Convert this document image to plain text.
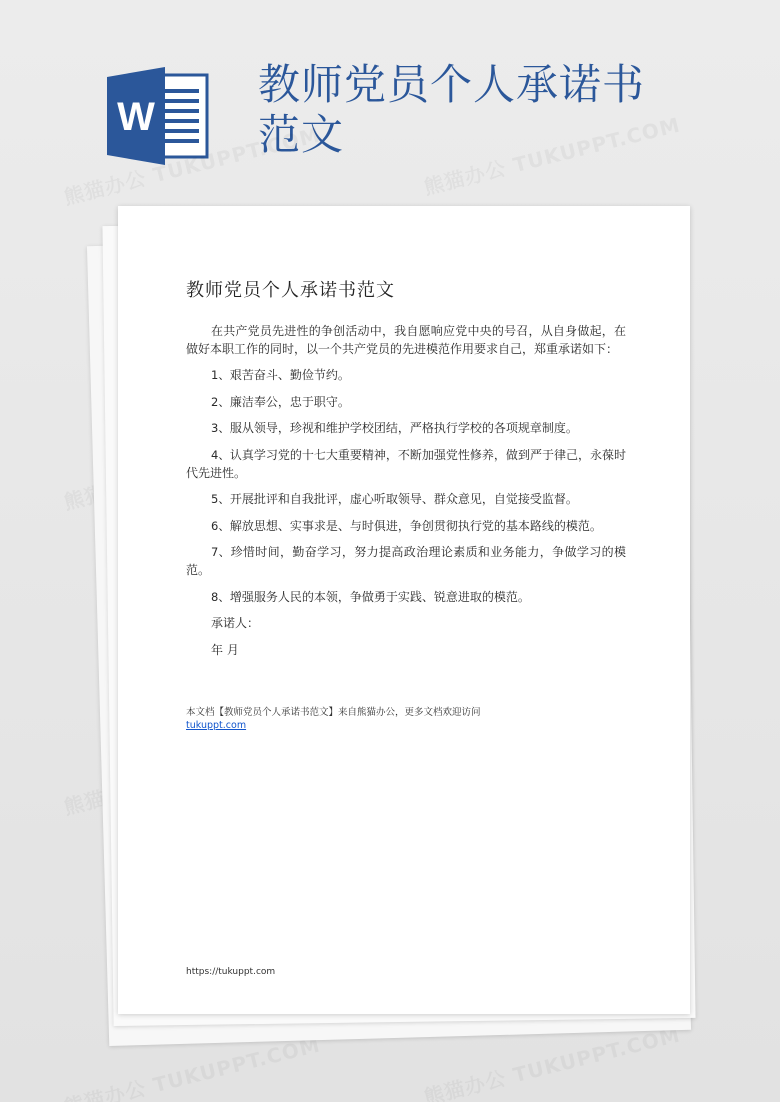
W
教师党员个人承诺书范文
教师党员个人承诺书范文

在共产党员先进性的争创活动中，我自愿响应党中央的号召，从自身做起，在做好本职工作的同时，以一个共产党员的先进模范作用要求自己，郑重承诺如下：

1、艰苦奋斗、勤俭节约。

2、廉洁奉公，忠于职守。

3、服从领导，珍视和维护学校团结，严格执行学校的各项规章制度。

4、认真学习党的十七大重要精神，不断加强党性修养，做到严于律己，永葆时代先进性。

5、开展批评和自我批评，虚心听取领导、群众意见，自觉接受监督。

6、解放思想、实事求是、与时俱进，争创贯彻执行党的基本路线的模范。

7、珍惜时间，勤奋学习，努力提高政治理论素质和业务能力，争做学习的模范。

8、增强服务人民的本领，争做勇于实践、锐意进取的模范。

承诺人：

年 月

本文档【教师党员个人承诺书范文】来自熊猫办公，更多文档欢迎访问
tukuppt.com
https://tukuppt.com
